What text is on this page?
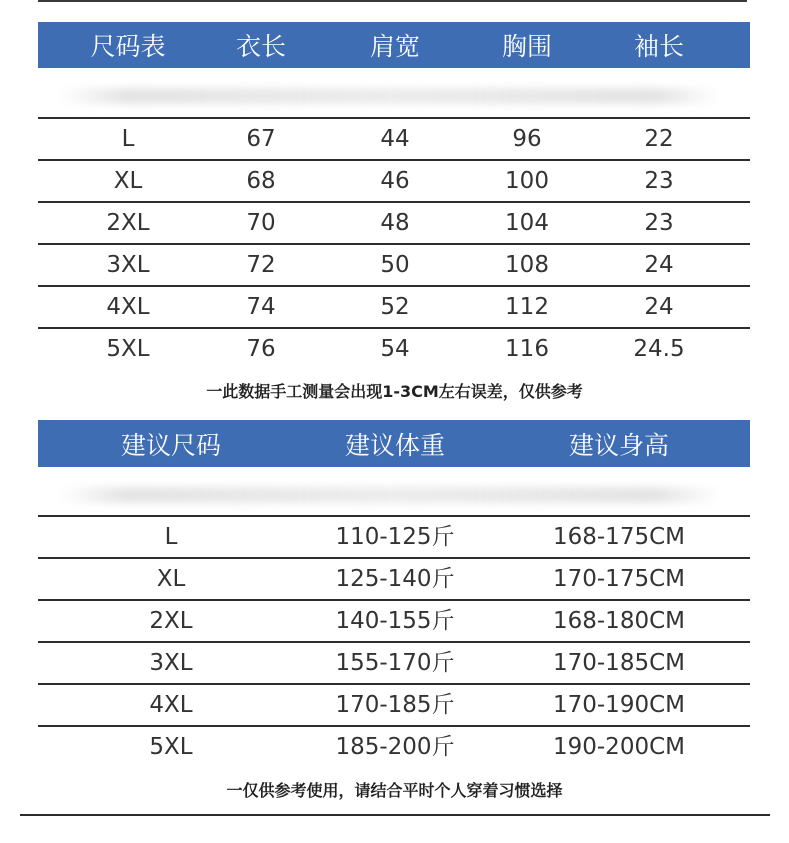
尺码表	衣长	肩宽	胸围	袖长
L	67	44	96	22
XL	68	46	100	23
2XL	70	48	104	23
3XL	72	50	108	24
4XL	74	52	112	24
5XL	76	54	116	24.5
一此数据手工测量会出现1-3CM左右误差，仅供参考
建议尺码	建议体重	建议身高
L	110-125斤	168-175CM
XL	125-140斤	170-175CM
2XL	140-155斤	168-180CM
3XL	155-170斤	170-185CM
4XL	170-185斤	170-190CM
5XL	185-200斤	190-200CM
一仅供参考使用，请结合平时个人穿着习惯选择
